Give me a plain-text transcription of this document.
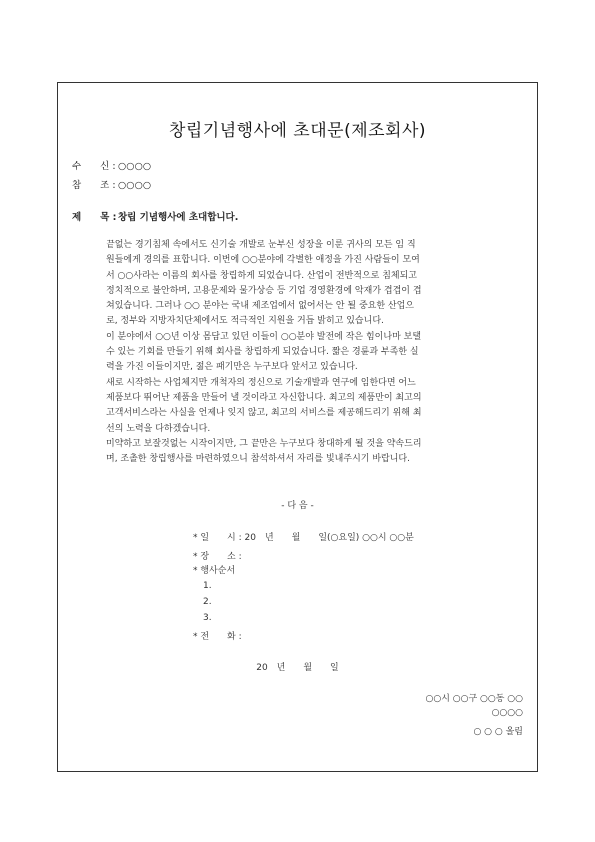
창립기념행사에 초대문(제조회사)
수　　신 : ○○○○
참　　조 : ○○○○
제　　목 : 창립 기념행사에 초대합니다.

끝없는 경기침체 속에서도 신기술 개발로 눈부신 성장을 이룬 귀사의 모든 임 직

원들에게 경의를 표합니다. 이번에 ○○분야에 각별한 애정을 가진 사람들이 모여

서 ○○사라는 이름의 회사를 창립하게 되었습니다. 산업이 전반적으로 침체되고

정치적으로 불안하며, 고용문제와 물가상승 등 기업 경영환경에 악재가 겹겹이 겹

쳐있습니다. 그러나 ○○ 분야는 국내 제조업에서 없어서는 안 될 중요한 산업으

로, 정부와 지방자치단체에서도 적극적인 지원을 거듭 밝히고 있습니다.

이 분야에서 ○○년 이상 몸담고 있던 이들이 ○○분야 발전에 작은 힘이나마 보탤

수 있는 기회를 만들기 위해 회사를 창립하게 되었습니다. 짧은 경륜과 부족한 실

력을 가진 이들이지만, 젊은 패기만은 누구보다 앞서고 있습니다.

새로 시작하는 사업체지만 개척자의 정신으로 기술개발과 연구에 임한다면 어느

제품보다 뛰어난 제품을 만들어 낼 것이라고 자신합니다. 최고의 제품만이 최고의

고객서비스라는 사실을 언제나 잊지 않고, 최고의 서비스를 제공해드리기 위해 최

선의 노력을 다하겠습니다.

미약하고 보잘것없는 시작이지만, 그 끝만은 누구보다 창대하게 될 것을 약속드리

며, 조촐한 창립행사를 마련하였으니 참석하셔서 자리를 빛내주시기 바랍니다.

- 다 음 -
* 일　　시 : 20　년　　월　　일(○요일) ○○시 ○○분
* 장　　소 :
* 행사순서
1.
2.
3.
* 전　　화 :
20　년　　월　　일
○○시 ○○구 ○○동 ○○
○○○○
○ ○ ○ 올림
